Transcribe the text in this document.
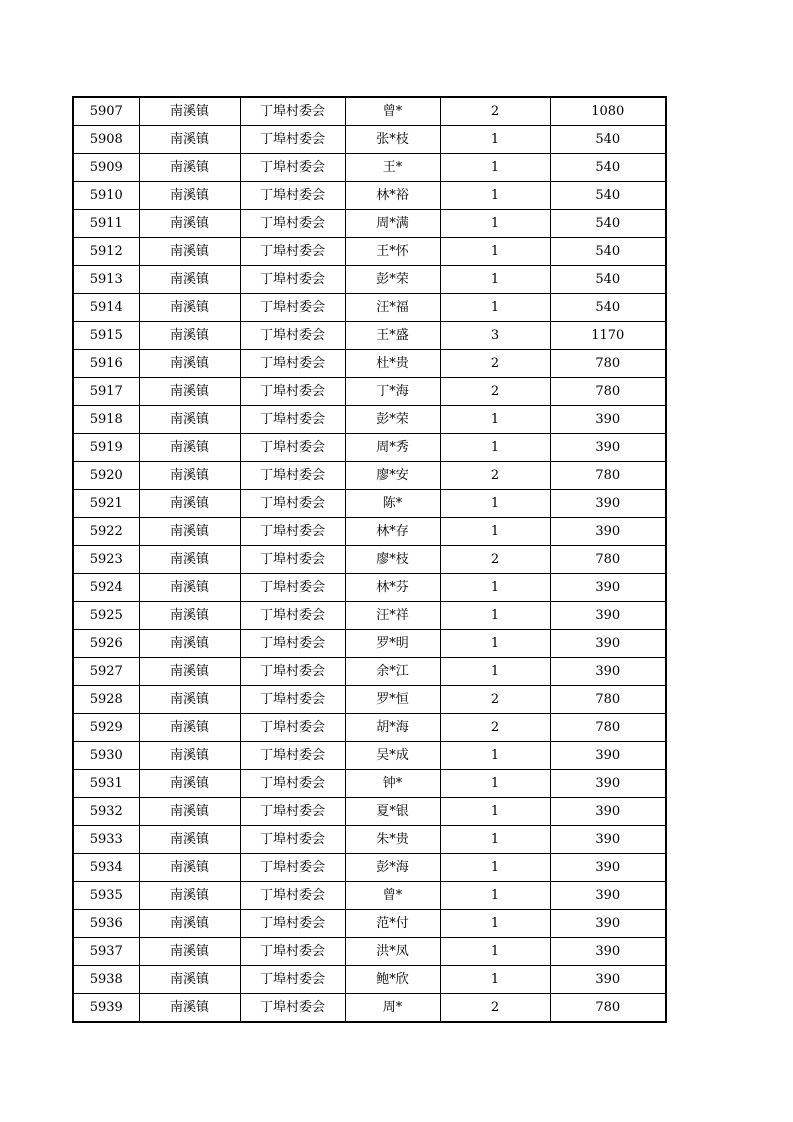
5907	南溪镇	丁埠村委会	曾*	2	1080
5908	南溪镇	丁埠村委会	张*枝	1	540
5909	南溪镇	丁埠村委会	王*	1	540
5910	南溪镇	丁埠村委会	林*裕	1	540
5911	南溪镇	丁埠村委会	周*满	1	540
5912	南溪镇	丁埠村委会	王*怀	1	540
5913	南溪镇	丁埠村委会	彭*荣	1	540
5914	南溪镇	丁埠村委会	汪*福	1	540
5915	南溪镇	丁埠村委会	王*盛	3	1170
5916	南溪镇	丁埠村委会	杜*贵	2	780
5917	南溪镇	丁埠村委会	丁*海	2	780
5918	南溪镇	丁埠村委会	彭*荣	1	390
5919	南溪镇	丁埠村委会	周*秀	1	390
5920	南溪镇	丁埠村委会	廖*安	2	780
5921	南溪镇	丁埠村委会	陈*	1	390
5922	南溪镇	丁埠村委会	林*存	1	390
5923	南溪镇	丁埠村委会	廖*枝	2	780
5924	南溪镇	丁埠村委会	林*芬	1	390
5925	南溪镇	丁埠村委会	汪*祥	1	390
5926	南溪镇	丁埠村委会	罗*明	1	390
5927	南溪镇	丁埠村委会	余*江	1	390
5928	南溪镇	丁埠村委会	罗*恒	2	780
5929	南溪镇	丁埠村委会	胡*海	2	780
5930	南溪镇	丁埠村委会	吴*成	1	390
5931	南溪镇	丁埠村委会	钟*	1	390
5932	南溪镇	丁埠村委会	夏*银	1	390
5933	南溪镇	丁埠村委会	朱*贵	1	390
5934	南溪镇	丁埠村委会	彭*海	1	390
5935	南溪镇	丁埠村委会	曾*	1	390
5936	南溪镇	丁埠村委会	范*付	1	390
5937	南溪镇	丁埠村委会	洪*凤	1	390
5938	南溪镇	丁埠村委会	鲍*欣	1	390
5939	南溪镇	丁埠村委会	周*	2	780
